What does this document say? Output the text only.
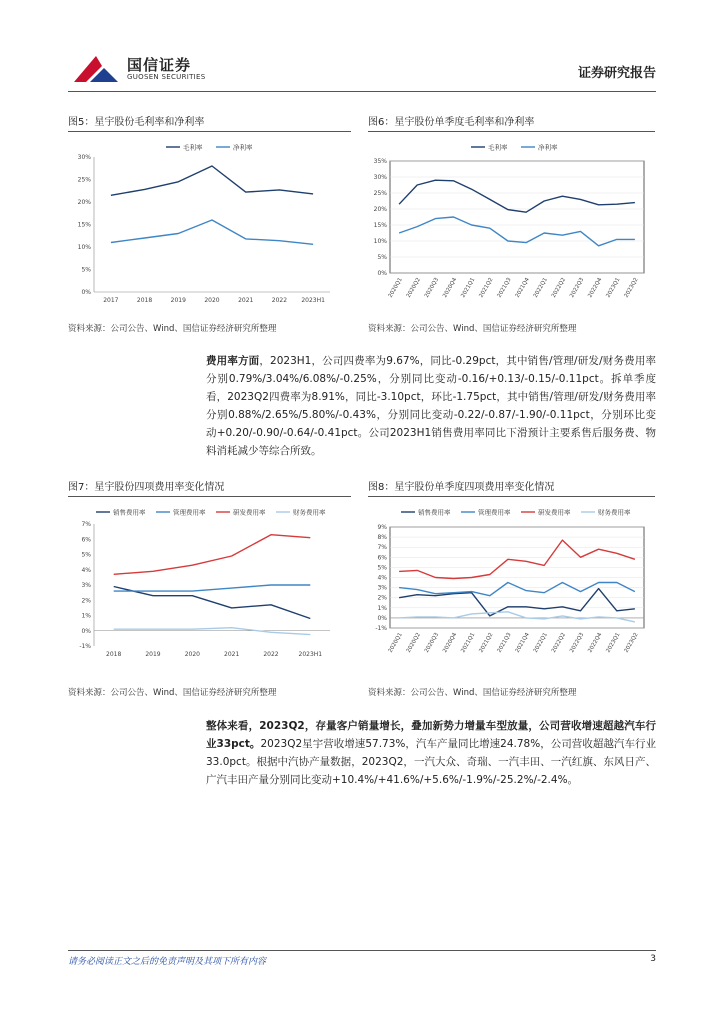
国信证券
GUOSEN SECURITIES	证券研究报告
图5：星宇股份毛利率和净利率
0%
5%
10%
15%
20%
25%
30%
2017	2018	2019	2020	2021	2022 2023H1
毛利率	净利率
资料来源：公司公告、Wind、国信证券经济研究所整理
图6：星宇股份单季度毛利率和净利率
0%
5%
10%
15%
20%
25%
30%
35%
2020Q1 2020Q2 2020Q3 2020Q4 2021Q1 2021Q2 2021Q3 2021Q4 2022Q1 2022Q2 2022Q3 2022Q4 2023Q1 2023Q2
毛利率	净利率
资料来源：公司公告、Wind、国信证券经济研究所整理
费用率方面，2023H1，公司四费率为9.67%，同比-0.29pct，其中销售/管理/研发/财务费用率分别0.79%/3.04%/6.08%/-0.25%，分别同比变动-0.16/+0.13/-0.15/-0.11pct。拆单季度看，2023Q2四费率为8.91%，同比-3.10pct，环比-1.75pct，其中销售/管理/研发/财务费用率分别0.88%/2.65%/5.80%/-0.43%，分别同比变动-0.22/-0.87/-1.90/-0.11pct，分别环比变动+0.20/-0.90/-0.64/-0.41pct。公司2023H1销售费用率同比下滑预计主要系售后服务费、物料消耗减少等综合所致。
图7：星宇股份四项费用率变化情况
-1%
0%
1%
2%
3%
4%
5%
6%
7%
2018	2019	2020	2021	2022	2023H1
销售费用率	管理费用率	研发费用率	财务费用率
资料来源：公司公告、Wind、国信证券经济研究所整理
图8：星宇股份单季度四项费用率变化情况
-1%
0%
1%
2%
3%
4%
5%
6%
7%
8%
9%
2020Q1 2020Q2 2020Q3 2020Q4 2021Q1 2021Q2 2021Q3 2021Q4 2022Q1 2022Q2 2022Q3 2022Q4 2023Q1 2023Q2
销售费用率	管理费用率	研发费用率	财务费用率
资料来源：公司公告、Wind、国信证券经济研究所整理
整体来看，2023Q2，存量客户销量增长，叠加新势力增量车型放量，公司营收增速超越汽车行业33pct。2023Q2星宇营收增速57.73%，汽车产量同比增速24.78%，公司营收超越汽车行业33.0pct。根据中汽协产量数据，2023Q2，一汽大众、奇瑞、一汽丰田、一汽红旗、东风日产、广汽丰田产量分别同比变动+10.4%/+41.6%/+5.6%/-1.9%/-25.2%/-2.4%。
请务必阅读正文之后的免责声明及其项下所有内容	3
